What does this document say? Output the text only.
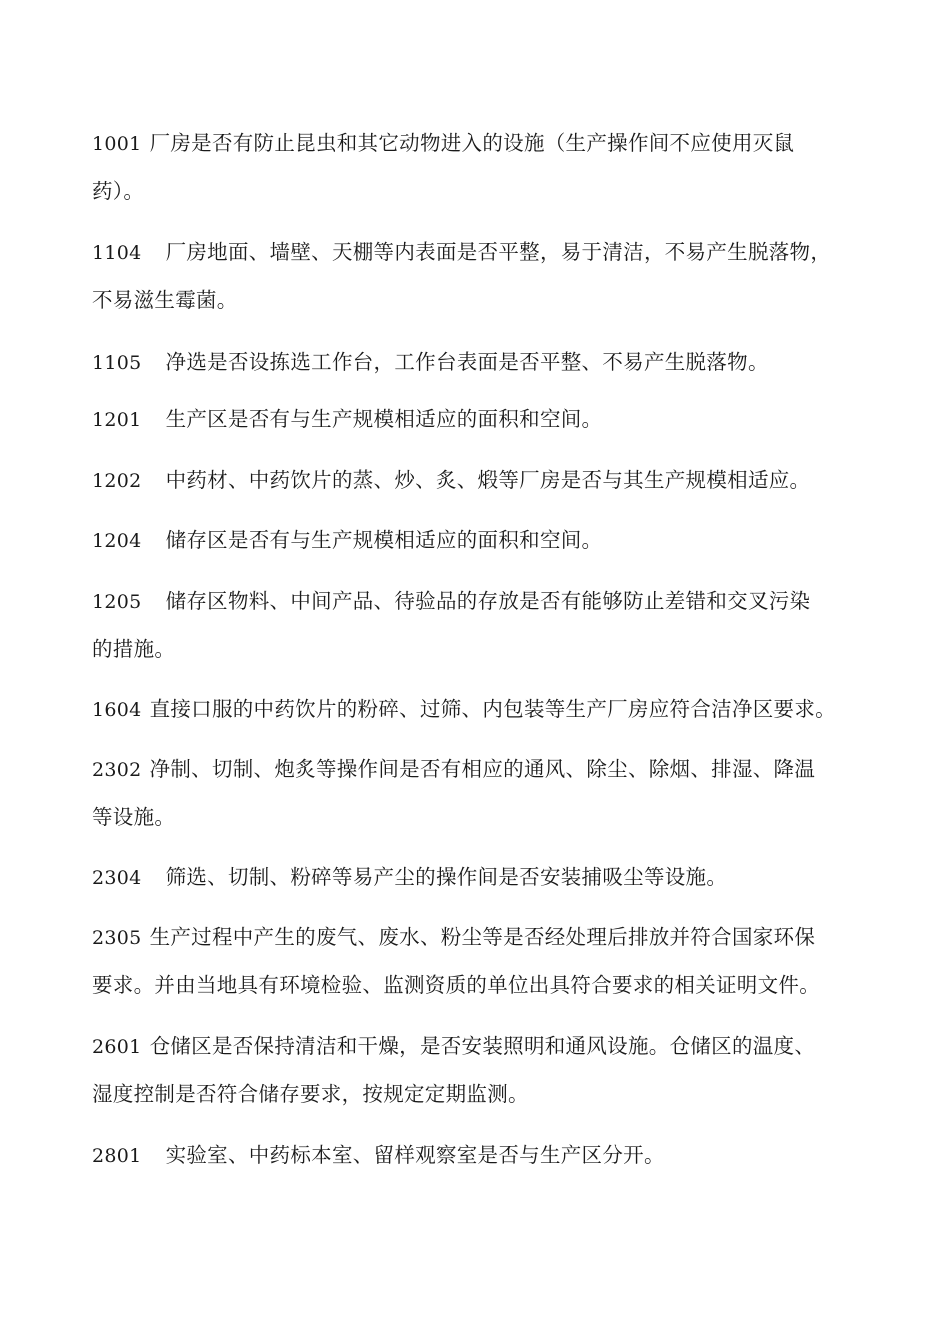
1001 厂房是否有防止昆虫和其它动物进入的设施（生产操作间不应使用灭鼠
药）。
1104 厂房地面、墙壁、天棚等内表面是否平整，易于清洁，不易产生脱落物，
不易滋生霉菌。
1105 净选是否设拣选工作台，工作台表面是否平整、不易产生脱落物。
1201 生产区是否有与生产规模相适应的面积和空间。
1202 中药材、中药饮片的蒸、炒、炙、煅等厂房是否与其生产规模相适应。
1204 储存区是否有与生产规模相适应的面积和空间。
1205 储存区物料、中间产品、待验品的存放是否有能够防止差错和交叉污染
的措施。
1604 直接口服的中药饮片的粉碎、过筛、内包装等生产厂房应符合洁净区要求。
2302 净制、切制、炮炙等操作间是否有相应的通风、除尘、除烟、排湿、降温
等设施。
2304 筛选、切制、粉碎等易产尘的操作间是否安装捕吸尘等设施。
2305 生产过程中产生的废气、废水、粉尘等是否经处理后排放并符合国家环保
要求。并由当地具有环境检验、监测资质的单位出具符合要求的相关证明文件。
2601 仓储区是否保持清洁和干燥，是否安装照明和通风设施。仓储区的温度、
湿度控制是否符合储存要求，按规定定期监测。
2801 实验室、中药标本室、留样观察室是否与生产区分开。
